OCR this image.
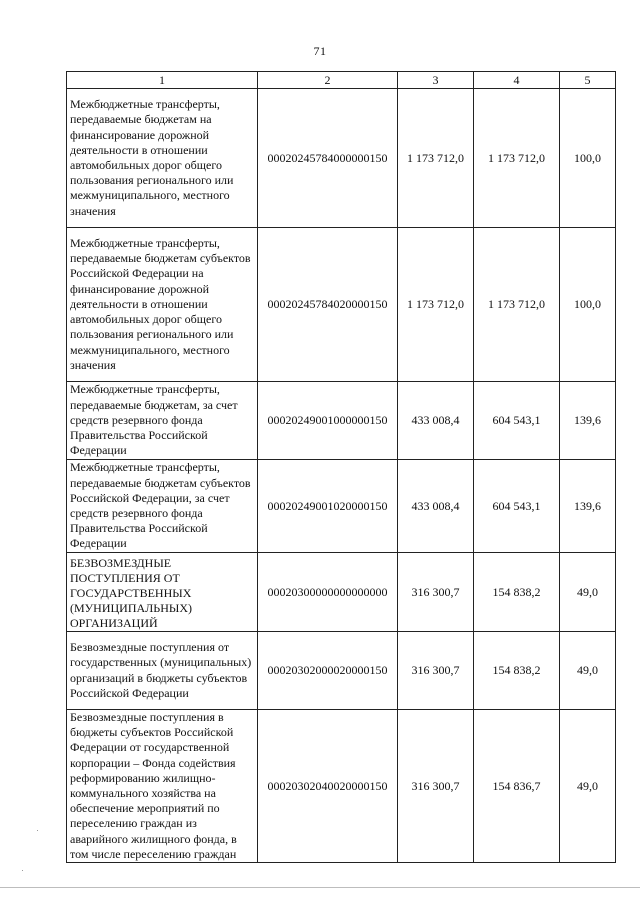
71
1	2	3	4	5
Межбюджетные трансферты, передаваемые бюджетам на финансирование дорожной деятельности в отношении автомобильных дорог общего пользования регионального или межмуниципального, местного значения	00020245784000000150	1 173 712,0	1 173 712,0	100,0
Межбюджетные трансферты, передаваемые бюджетам субъектов Российской Федерации на финансирование дорожной деятельности в отношении автомобильных дорог общего пользования регионального или межмуниципального, местного значения	00020245784020000150	1 173 712,0	1 173 712,0	100,0
Межбюджетные трансферты, передаваемые бюджетам, за счет средств резервного фонда Правительства Российской Федерации	00020249001000000150	433 008,4	604 543,1	139,6
Межбюджетные трансферты, передаваемые бюджетам субъектов Российской Федерации, за счет средств резервного фонда Правительства Российской Федерации	00020249001020000150	433 008,4	604 543,1	139,6
БЕЗВОЗМЕЗДНЫЕ ПОСТУПЛЕНИЯ ОТ ГОСУДАРСТВЕННЫХ (МУНИЦИПАЛЬНЫХ) ОРГАНИЗАЦИЙ	00020300000000000000	316 300,7	154 838,2	49,0
Безвозмездные поступления от государственных (муниципальных) организаций в бюджеты субъектов Российской Федерации	00020302000020000150	316 300,7	154 838,2	49,0
Безвозмездные поступления в бюджеты субъектов Российской Федерации от государственной корпорации – Фонда содействия реформированию жилищно-коммунального хозяйства на обеспечение мероприятий по переселению граждан из аварийного жилищного фонда, в том числе переселению граждан	00020302040020000150	316 300,7	154 836,7	49,0
